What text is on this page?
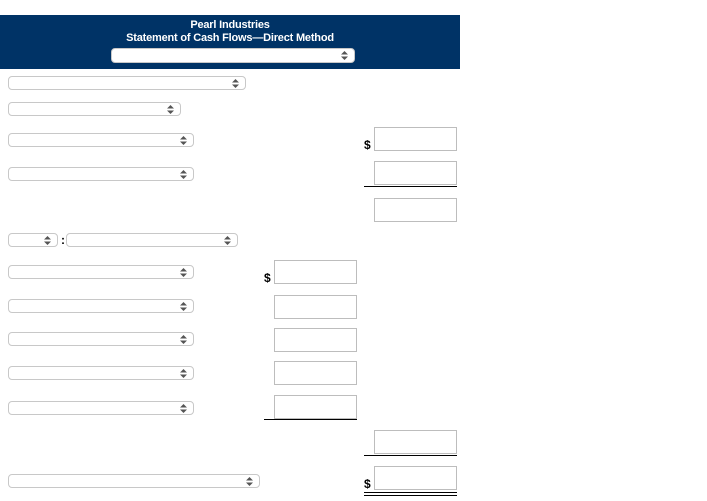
Pearl Industries
Statement of Cash Flows—Direct Method
$
:
$
$
